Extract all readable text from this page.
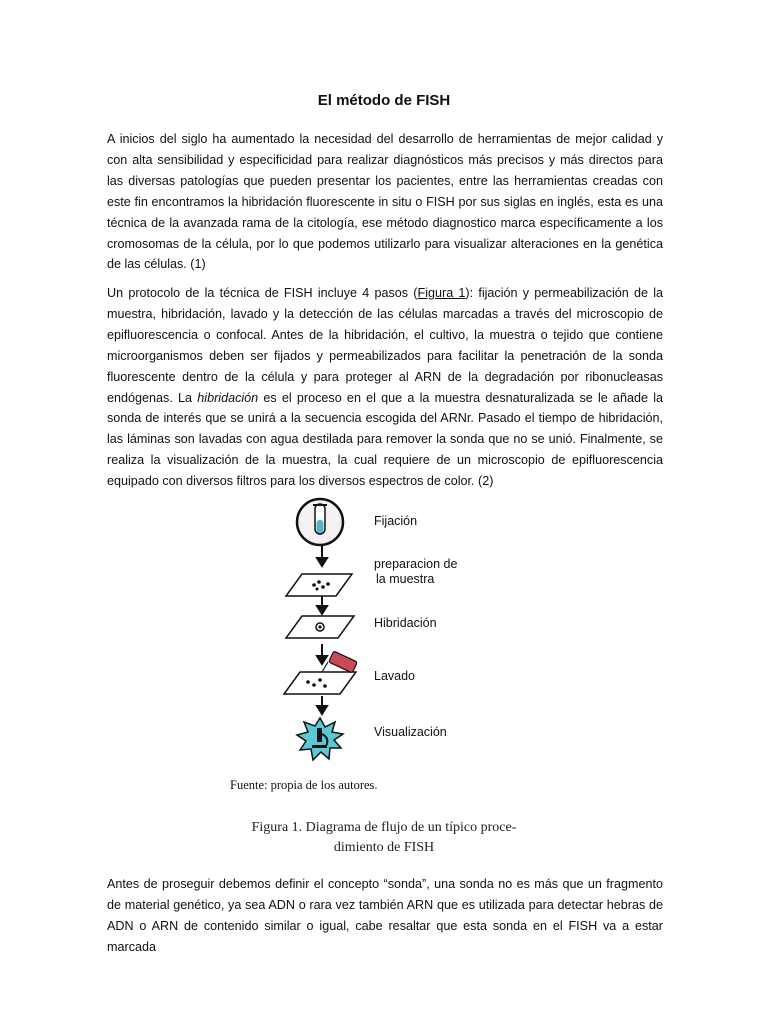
El método de FISH

A inicios del siglo ha aumentado la necesidad del desarrollo de herramientas de mejor calidad y con alta sensibilidad y especificidad para realizar diagnósticos más precisos y más directos para las diversas patologías que pueden presentar los pacientes, entre las herramientas creadas con este fin encontramos la hibridación fluorescente in situ o FISH por sus siglas en inglés, esta es una técnica de la avanzada rama de la citología, ese método diagnostico marca específicamente a los cromosomas de la célula, por lo que podemos utilizarlo para visualizar alteraciones en la genética de las células. (1)

Un protocolo de la técnica de FISH incluye 4 pasos (Figura 1): fijación y permeabilización de la muestra, hibridación, lavado y la detección de las células marcadas a través del microscopio de epifluorescencia o confocal. Antes de la hibridación, el cultivo, la muestra o tejido que contiene microorganismos deben ser fijados y permeabilizados para facilitar la penetración de la sonda fluorescente dentro de la célula y para proteger al ARN de la degradación por ribonucleasas endógenas. La hibridación es el proceso en el que a la muestra desnaturalizada se le añade la sonda de interés que se unirá a la secuencia escogida del ARNr. Pasado el tiempo de hibridación, las láminas son lavadas con agua destilada para remover la sonda que no se unió. Finalmente, se realiza la visualización de la muestra, la cual requiere de un microscopio de epifluorescencia equipado con diversos filtros para los diversos espectros de color. (2)

Fijación
preparacion de
la muestra
Hibridación
Lavado
Visualización
Fuente: propia de los autores.
Figura 1. Diagrama de flujo de un típico proce-
dimiento de FISH

Antes de proseguir debemos definir el concepto “sonda”, una sonda no es más que un fragmento de material genético, ya sea ADN o rara vez también ARN que es utilizada para detectar hebras de ADN o ARN de contenido similar o igual, cabe resaltar que esta sonda en el FISH va a estar marcada
